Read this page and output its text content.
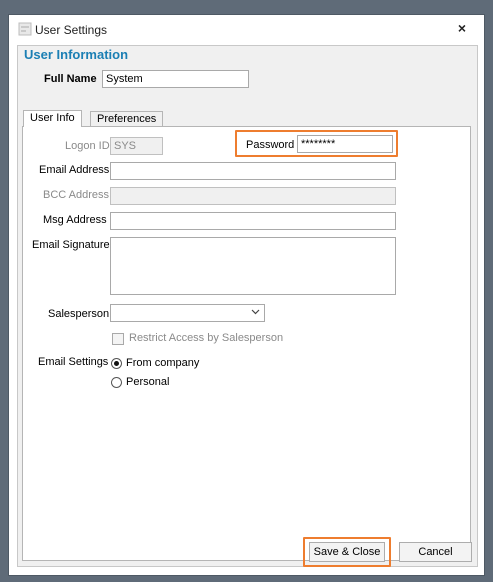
User Settings	×
User Information
Full Name System
User Info	Preferences
Logon ID SYS	Password ********
Email Address
BCC Address
Msg Address
Email Signature
Salesperson
Restrict Access by Salesperson
Email Settings From company
Personal
Save & Close	Cancel
